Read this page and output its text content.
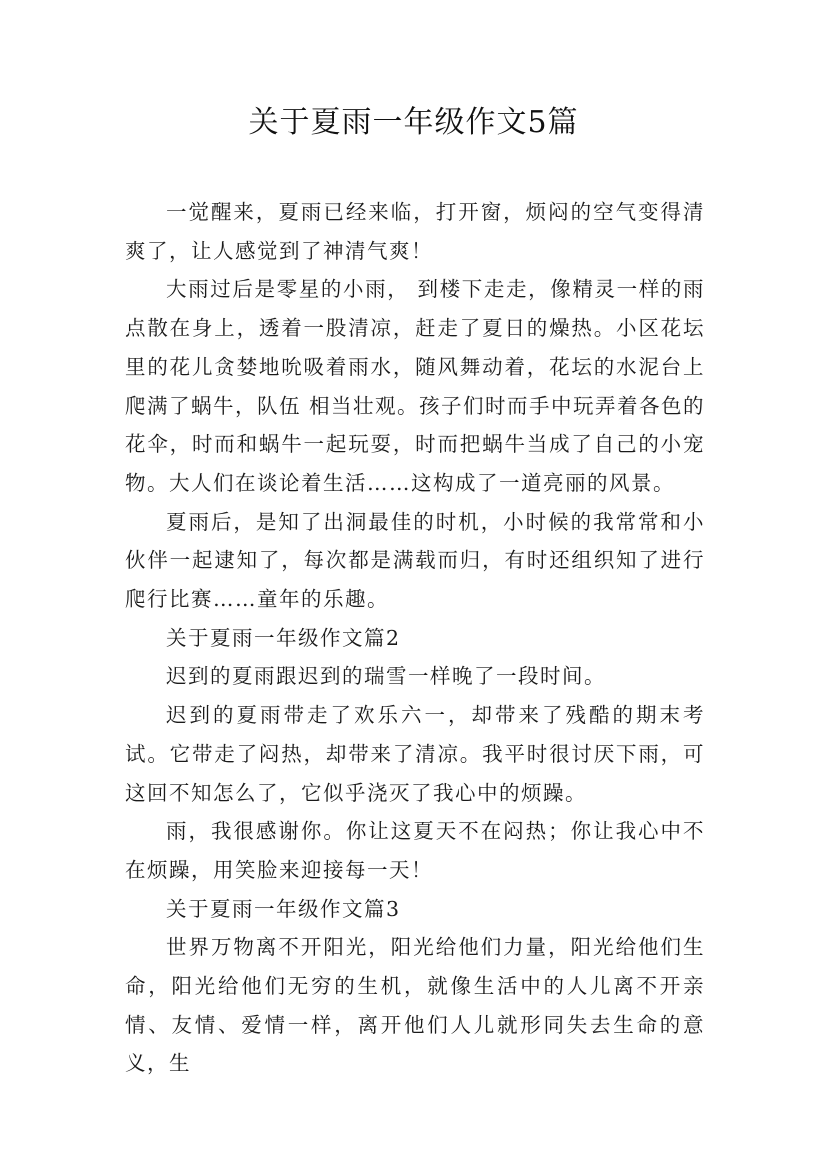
关于夏雨一年级作文5篇

一觉醒来，夏雨已经来临，打开窗，烦闷的空气变得清爽了，让人感觉到了神清气爽！

大雨过后是零星的小雨， 到楼下走走，像精灵一样的雨点散在身上，透着一股清凉，赶走了夏日的燥热。小区花坛里的花儿贪婪地吮吸着雨水，随风舞动着，花坛的水泥台上爬满了蜗牛，队伍 相当壮观。孩子们时而手中玩弄着各色的花伞，时而和蜗牛一起玩耍，时而把蜗牛当成了自己的小宠物。大人们在谈论着生活……这构成了一道亮丽的风景。

夏雨后，是知了出洞最佳的时机，小时候的我常常和小伙伴一起逮知了，每次都是满载而归，有时还组织知了进行爬行比赛……童年的乐趣。

关于夏雨一年级作文篇2

迟到的夏雨跟迟到的瑞雪一样晚了一段时间。

迟到的夏雨带走了欢乐六一，却带来了残酷的期末考试。它带走了闷热，却带来了清凉。我平时很讨厌下雨，可这回不知怎么了，它似乎浇灭了我心中的烦躁。

雨，我很感谢你。你让这夏天不在闷热；你让我心中不在烦躁，用笑脸来迎接每一天！

关于夏雨一年级作文篇3

世界万物离不开阳光，阳光给他们力量，阳光给他们生命，阳光给他们无穷的生机，就像生活中的人儿离不开亲情、友情、爱情一样，离开他们人儿就形同失去生命的意义，生
